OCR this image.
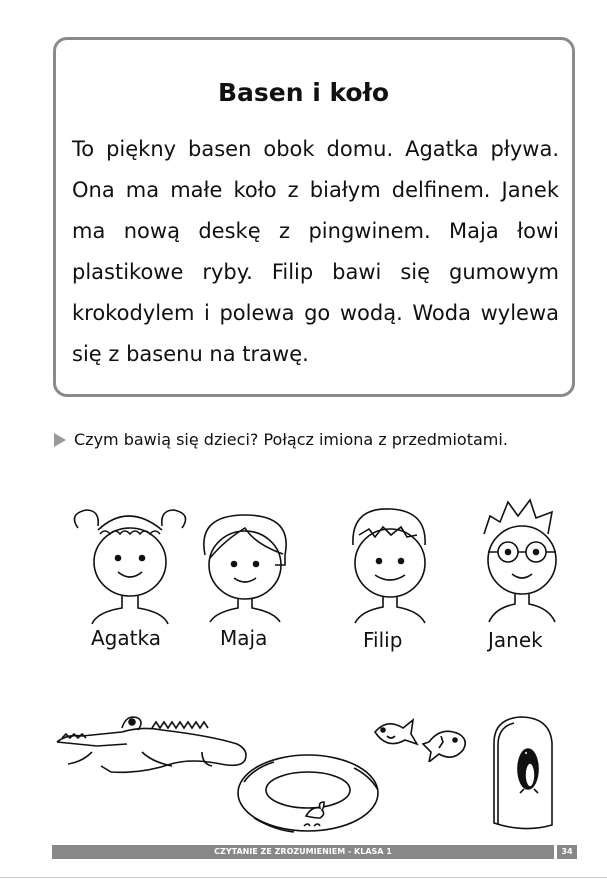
Basen i koło
To piękny basen obok domu. Agatka pływa. Ona ma małe koło z białym delfinem. Janek ma nową deskę z pingwinem. Maja łowi plastikowe ryby. Filip bawi się gumowym krokodylem i polewa go wodą. Woda wylewa się z basenu na trawę.
Czym bawią się dzieci? Połącz imiona z przedmiotami.
Agatka	Maja	Filip	Janek
CZYTANIE ZE ZROZUMIENIEM - KLASA 1	34
